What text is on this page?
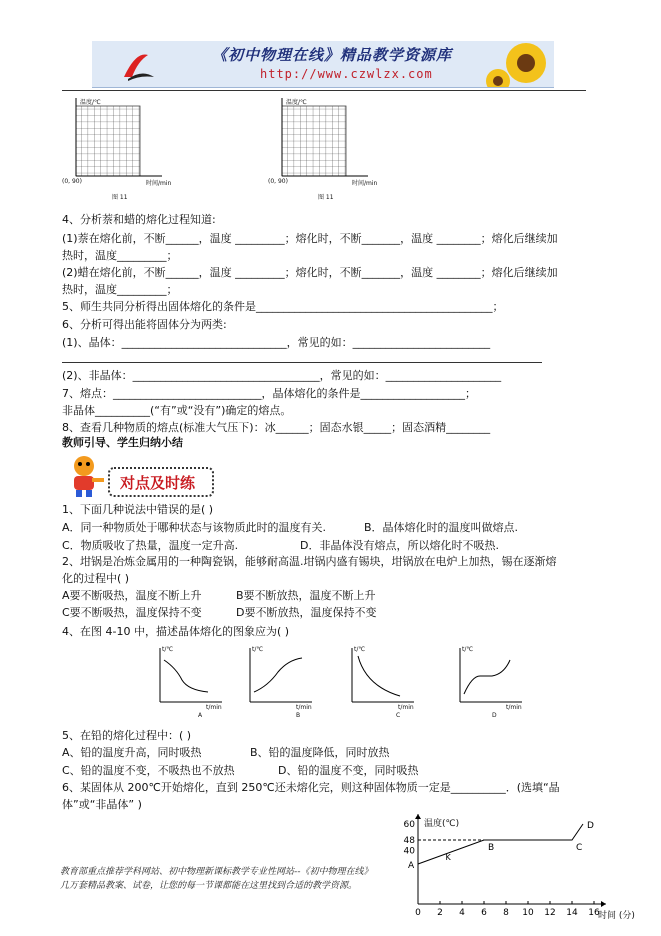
《初中物理在线》精品教学资源库
http://www.czwlzx.com
温度/℃
(0, 90)	时间/min
图 11
温度/℃
(0, 90)	时间/min
图 11
4、分析萘和蜡的熔化过程知道:
(1)萘在熔化前，不断______，温度 _________；熔化时，不断_______，温度 ________；熔化后继续加
热时，温度_________；
(2)蜡在熔化前，不断______，温度 _________；熔化时，不断_______，温度 ________；熔化后继续加
热时，温度_________；
5、师生共同分析得出固体熔化的条件是___________________________________________；
6、分析可得出能将固体分为两类:
(1)、晶体：______________________________，常见的如：_________________________
(2)、非晶体：__________________________________，常见的如：_____________________
7、熔点：___________________________，晶体熔化的条件是___________________；
非晶体__________(“有”或“没有”)确定的熔点。
8、查看几种物质的熔点(标准大气压下)：冰______；固态水银_____；固态酒精________
教师引导、学生归纳小结
对点及时练
1、下面几种说法中错误的是( )
A．同一种物质处于哪种状态与该物质此时的温度有关.	B．晶体熔化时的温度叫做熔点.
C．物质吸收了热量，温度一定升高.	D．非晶体没有熔点，所以熔化时不吸热.
2、坩锅是冶炼金属用的一种陶瓷锅，能够耐高温.坩锅内盛有锡块，坩锅放在电炉上加热，锡在逐渐熔
化的过程中( )
A要不断吸热，温度不断上升	B要不断放热，温度不断上升
C要不断吸热，温度保持不变	D要不断放热，温度保持不变
4、在图 4-10 中，描述晶体熔化的图象应为( )
t/℃
t/min
A
t/℃
t/min
B
t/℃
t/min
C
t/℃
t/min
D
5、在铅的熔化过程中：( )
A、铅的温度升高，同时吸热	B、铅的温度降低，同时放热
C、铅的温度不变，不吸热也不放热	D、铅的温度不变，同时吸热
6、某固体从 200℃开始熔化，直到 250℃还未熔化完，则这种固体物质一定是__________．(选填“晶
体”或“非晶体” )
0 2 4 6 8 10 12 14 16
40
48
60
A
B	C
D
K
温度(℃)
时间 (分)
教育部重点推荐学科网站、初中物理新课标教学专业性网站--《初中物理在线》
几万套精品教案、试卷，让您的每一节课都能在这里找到合适的教学资源。
